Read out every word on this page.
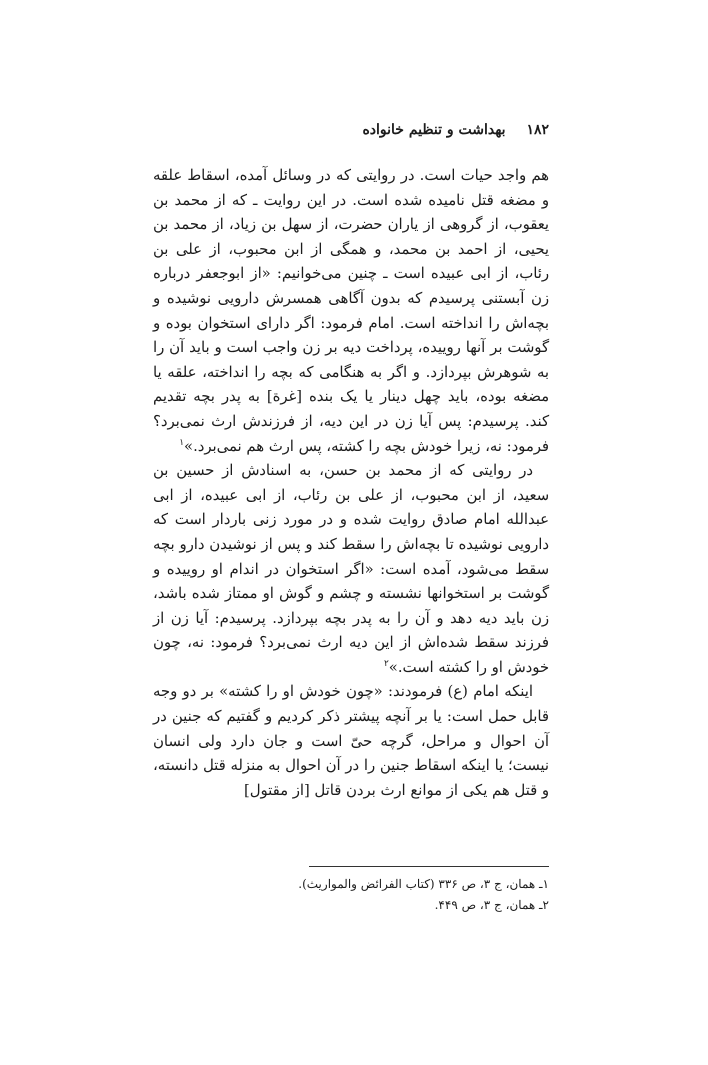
۱۸۲ بهداشت و تنظیم خانواده

هم واجد حیات است. در روایتی که در وسائل آمده، اسقاط علقه و مضغه قتل نامیده شده است. در این روایت ـ که از محمد بن یعقوب، از گروهی از یاران حضرت، از سهل بن زیاد، از محمد بن یحیی، از احمد بن محمد، و همگی از ابن محبوب، از علی بن رئاب، از ابی عبیده است ـ چنین می‌خوانیم: «از ابوجعفر درباره زن آبستنی پرسیدم که بدون آگاهی همسرش دارویی نوشیده و بچه‌اش را انداخته است. امام فرمود: اگر دارای استخوان بوده و گوشت بر آنها روییده، پرداخت دیه بر زن واجب است و باید آن را به شوهرش بپردازد. و اگر به هنگامی که بچه را انداخته، علقه یا مضغه بوده، باید چهل دینار یا یک بنده [غرة] به پدر بچه تقدیم کند. پرسیدم: پس آیا زن در این دیه، از فرزندش ارث نمی‌برد؟ فرمود: نه، زیرا خودش بچه را کشته، پس ارث هم نمی‌برد.»$^۱$

در روایتی که از محمد بن حسن، به اسنادش از حسین بن سعید، از ابن محبوب، از علی بن رئاب، از ابی عبیده، از ابی عبدالله امام صادق روایت شده و در مورد زنی باردار است که دارویی نوشیده تا بچه‌اش را سقط کند و پس از نوشیدن دارو بچه سقط می‌شود، آمده است: «اگر استخوان در اندام او روییده و گوشت بر استخوانها نشسته و چشم و گوش او ممتاز شده باشد، زن باید دیه دهد و آن را به پدر بچه بپردازد. پرسیدم: آیا زن از فرزند سقط شده‌اش از این دیه ارث نمی‌برد؟ فرمود: نه، چون خودش او را کشته است.»$^۲$

اینکه امام (ع) فرمودند: «چون خودش او را کشته» بر دو وجه قابل حمل است: یا بر آنچه پیشتر ذکر کردیم و گفتیم که جنین در آن احوال و مراحل، گرچه حیّ است و جان دارد ولی انسان نیست؛ یا اینکه اسقاط جنین را در آن احوال به منزله قتل دانسته، و قتل هم یکی از موانع ارث بردن قاتل [از مقتول]

۱ـ همان، ج ۳، ص ۳۳۶ (کتاب الفرائض والمواریث).

۲ـ همان، ج ۳، ص ۴۴۹.
